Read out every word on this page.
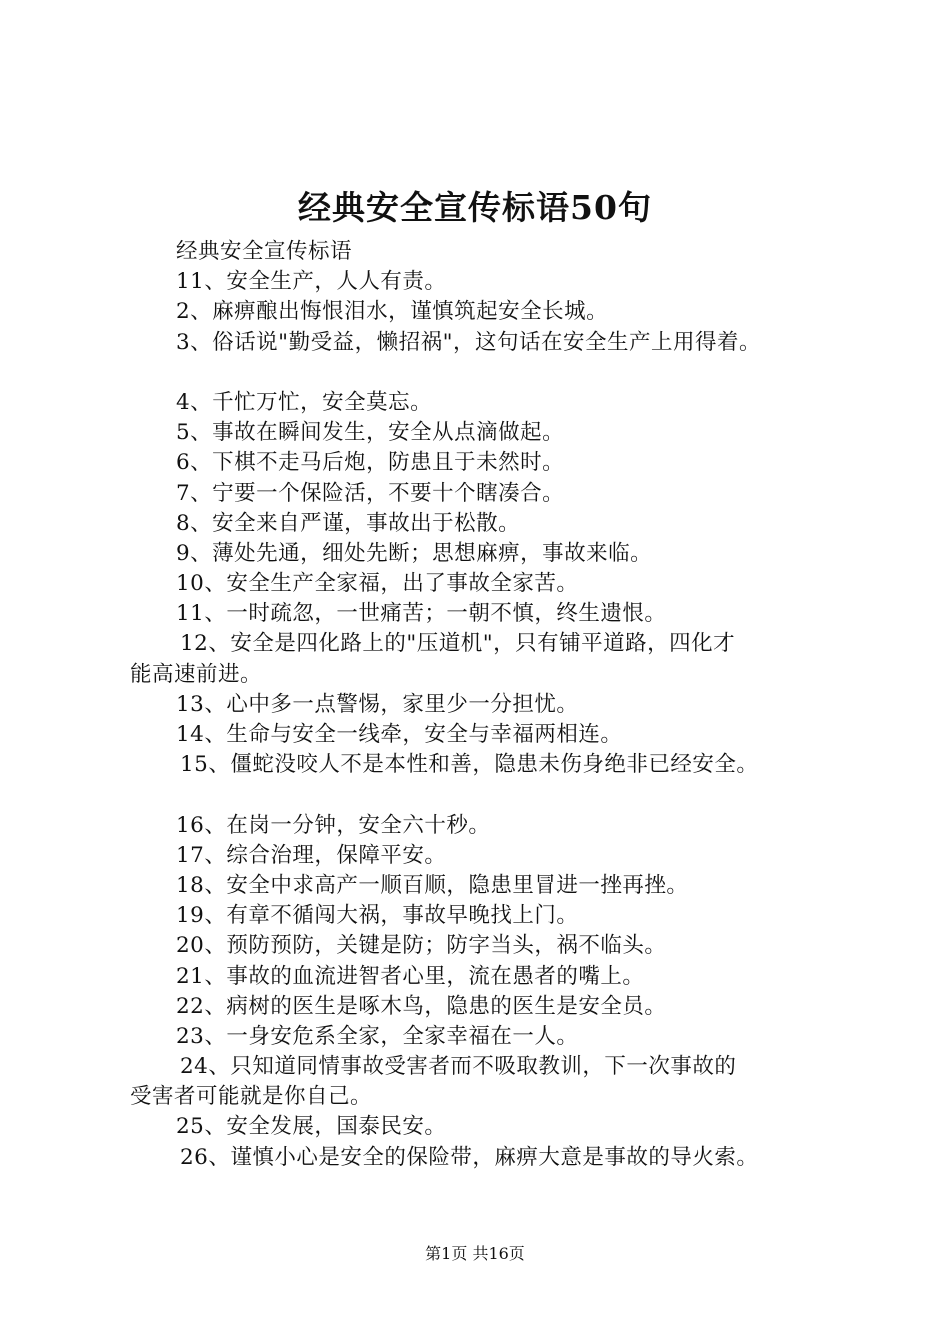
经典安全宣传标语50句
经典安全宣传标语
11、安全生产，人人有责。
2、麻痹酿出悔恨泪水，谨慎筑起安全长城。
3、俗话说"勤受益，懒招祸"，这句话在安全生产上用得着。
4、千忙万忙，安全莫忘。
5、事故在瞬间发生，安全从点滴做起。
6、下棋不走马后炮，防患且于未然时。
7、宁要一个保险活，不要十个瞎凑合。
8、安全来自严谨，事故出于松散。
9、薄处先通，细处先断；思想麻痹，事故来临。
10、安全生产全家福，出了事故全家苦。
11、一时疏忽，一世痛苦；一朝不慎，终生遗恨。
12、安全是四化路上的"压道机"，只有铺平道路，四化才
能高速前进。
13、心中多一点警惕，家里少一分担忧。
14、生命与安全一线牵，安全与幸福两相连。
15、僵蛇没咬人不是本性和善，隐患未伤身绝非已经安全。
16、在岗一分钟，安全六十秒。
17、综合治理，保障平安。
18、安全中求高产一顺百顺，隐患里冒进一挫再挫。
19、有章不循闯大祸，事故早晚找上门。
20、预防预防，关键是防；防字当头，祸不临头。
21、事故的血流进智者心里，流在愚者的嘴上。
22、病树的医生是啄木鸟，隐患的医生是安全员。
23、一身安危系全家，全家幸福在一人。
24、只知道同情事故受害者而不吸取教训，下一次事故的
受害者可能就是你自己。
25、安全发展，国泰民安。
26、谨慎小心是安全的保险带，麻痹大意是事故的导火索。
第1页 共16页
